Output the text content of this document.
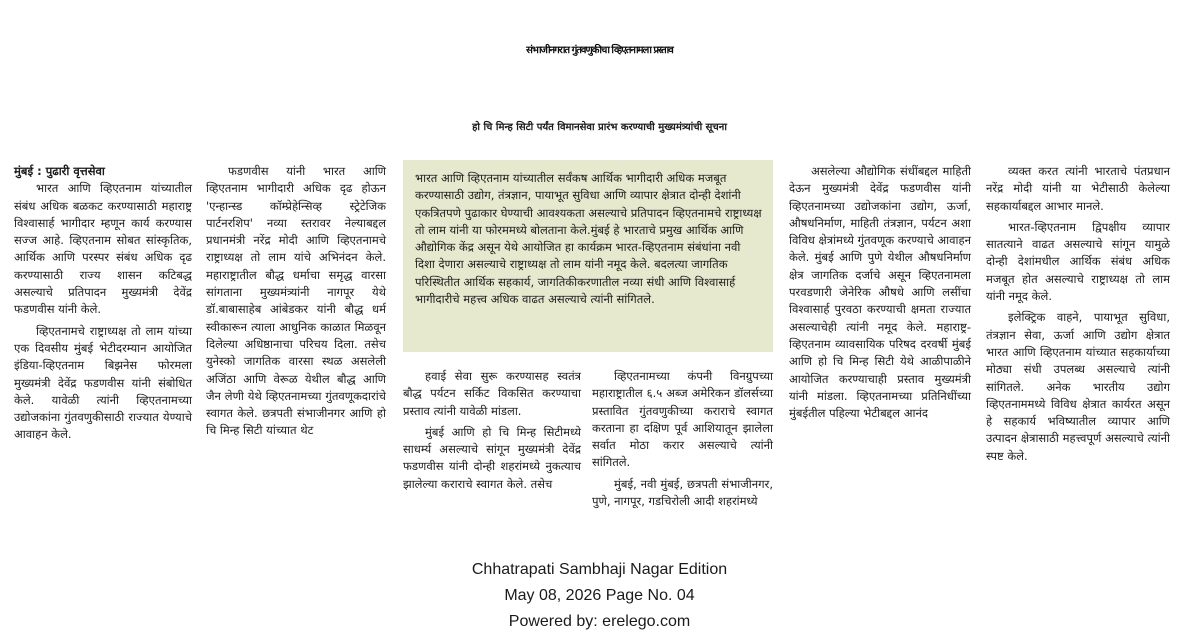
संभाजीनगरात गुंतवणुकीचा व्हिएतनामला प्रस्ताव
हो चि मिन्ह सिटी पर्यंत विमानसेवा प्रारंभ करण्याची मुख्यमंत्र्यांची सूचना
मुंबई : पुढारी वृत्तसेवा

भारत आणि व्हिएतनाम यांच्यातील संबंध अधिक बळकट करण्यासाठी महाराष्ट्र विश्वासार्ह भागीदार म्हणून कार्य करण्यास सज्ज आहे. व्हिएतनाम सोबत सांस्कृतिक, आर्थिक आणि परस्पर संबंध अधिक दृढ करण्यासाठी राज्य शासन कटिबद्ध असल्याचे प्रतिपादन मुख्यमंत्री देवेंद्र फडणवीस यांनी केले.

व्हिएतनामचे राष्ट्राध्यक्ष तो लाम यांच्या एक दिवसीय मुंबई भेटीदरम्यान आयोजित इंडिया-व्हिएतनाम बिझनेस फोरमला मुख्यमंत्री देवेंद्र फडणवीस यांनी संबोधित केले. यावेळी त्यांनी व्हिएतनामच्या उद्योजकांना गुंतवणुकीसाठी राज्यात येण्याचे आवाहन केले.

फडणवीस यांनी भारत आणि व्हिएतनाम भागीदारी अधिक दृढ होऊन 'एन्हान्स्ड कॉम्प्रेहेन्सिव्ह स्ट्रेटेजिक पार्टनरशिप' नव्या स्तरावर नेल्याबद्दल प्रधानमंत्री नरेंद्र मोदी आणि व्हिएतनामचे राष्ट्राध्यक्ष तो लाम यांचे अभिनंदन केले. महाराष्ट्रातील बौद्ध धर्माचा समृद्ध वारसा सांगताना मुख्यमंत्र्यांनी नागपूर येथे डॉ.बाबासाहेब आंबेडकर यांनी बौद्ध धर्म स्वीकारून त्याला आधुनिक काळात मिळवून दिलेल्या अधिष्ठानाचा परिचय दिला. तसेच युनेस्को जागतिक वारसा स्थळ असलेली अजिंठा आणि वेरूळ येथील बौद्ध आणि जैन लेणी येथे व्हिएतनामच्या गुंतवणूकदारांचे स्वागत केले. छत्रपती संभाजीनगर आणि हो चि मिन्ह सिटी यांच्यात थेट

भारत आणि व्हिएतनाम यांच्यातील सर्वंकष आर्थिक भागीदारी अधिक मजबूत करण्यासाठी उद्योग, तंत्रज्ञान, पायाभूत सुविधा आणि व्यापार क्षेत्रात दोन्ही देशांनी एकत्रितपणे पुढाकार घेण्याची आवश्यकता असल्याचे प्रतिपादन व्हिएतनामचे राष्ट्राध्यक्ष तो लाम यांनी या फोरममध्ये बोलताना केले.मुंबई हे भारताचे प्रमुख आर्थिक आणि औद्योगिक केंद्र असून येथे आयोजित हा कार्यक्रम भारत-व्हिएतनाम संबंधांना नवी दिशा देणारा असल्याचे राष्ट्राध्यक्ष तो लाम यांनी नमूद केले. बदलत्या जागतिक परिस्थितीत आर्थिक सहकार्य, जागतिकीकरणातील नव्या संधी आणि विश्वासार्ह भागीदारीचे महत्त्व अधिक वाढत असल्याचे त्यांनी सांगितले.

हवाई सेवा सुरू करण्यासह स्वतंत्र बौद्ध पर्यटन सर्किट विकसित करण्याचा प्रस्ताव त्यांनी यावेळी मांडला.

मुंबई आणि हो चि मिन्ह सिटीमध्ये साधर्म्य असल्याचे सांगून मुख्यमंत्री देवेंद्र फडणवीस यांनी दोन्ही शहरांमध्ये नुकत्याच झालेल्या कराराचे स्वागत केले. तसेच

व्हिएतनामच्या कंपनी विनग्रुपच्या महाराष्ट्रातील ६.५ अब्ज अमेरिकन डॉलर्सच्या प्रस्तावित गुंतवणुकीच्या कराराचे स्वागत करताना हा दक्षिण पूर्व आशियातून झालेला सर्वात मोठा करार असल्याचे त्यांनी सांगितले.

मुंबई, नवी मुंबई, छत्रपती संभाजीनगर, पुणे, नागपूर, गडचिरोली आदी शहरांमध्ये

असलेल्या औद्योगिक संधींबद्दल माहिती देऊन मुख्यमंत्री देवेंद्र फडणवीस यांनी व्हिएतनामच्या उद्योजकांना उद्योग, ऊर्जा, औषधनिर्माण, माहिती तंत्रज्ञान, पर्यटन अशा विविध क्षेत्रांमध्ये गुंतवणूक करण्याचे आवाहन केले. मुंबई आणि पुणे येथील औषधनिर्माण क्षेत्र जागतिक दर्जाचे असून व्हिएतनामला परवडणारी जेनेरिक औषधे आणि लसींचा विश्वासार्ह पुरवठा करण्याची क्षमता राज्यात असल्याचेही त्यांनी नमूद केले. महाराष्ट्र-व्हिएतनाम व्यावसायिक परिषद दरवर्षी मुंबई आणि हो चि मिन्ह सिटी येथे आळीपाळीने आयोजित करण्याचाही प्रस्ताव मुख्यमंत्री यांनी मांडला. व्हिएतनामच्या प्रतिनिधींच्या मुंबईतील पहिल्या भेटीबद्दल आनंद

व्यक्त करत त्यांनी भारताचे पंतप्रधान नरेंद्र मोदी यांनी या भेटीसाठी केलेल्या सहकार्याबद्दल आभार मानले.

भारत-व्हिएतनाम द्विपक्षीय व्यापार सातत्याने वाढत असल्याचे सांगून यामुळे दोन्ही देशांमधील आर्थिक संबंध अधिक मजबूत होत असल्याचे राष्ट्राध्यक्ष तो लाम यांनी नमूद केले.

इलेक्ट्रिक वाहने, पायाभूत सुविधा, तंत्रज्ञान सेवा, ऊर्जा आणि उद्योग क्षेत्रात भारत आणि व्हिएतनाम यांच्यात सहकार्याच्या मोठ्या संधी उपलब्ध असल्याचे त्यांनी सांगितले. अनेक भारतीय उद्योग व्हिएतनाममध्ये विविध क्षेत्रात कार्यरत असून हे सहकार्य भविष्यातील व्यापार आणि उत्पादन क्षेत्रासाठी महत्त्वपूर्ण असल्याचे त्यांनी स्पष्ट केले.

Chhatrapati Sambhaji Nagar Edition
May 08, 2026 Page No. 04
Powered by: erelego.com
